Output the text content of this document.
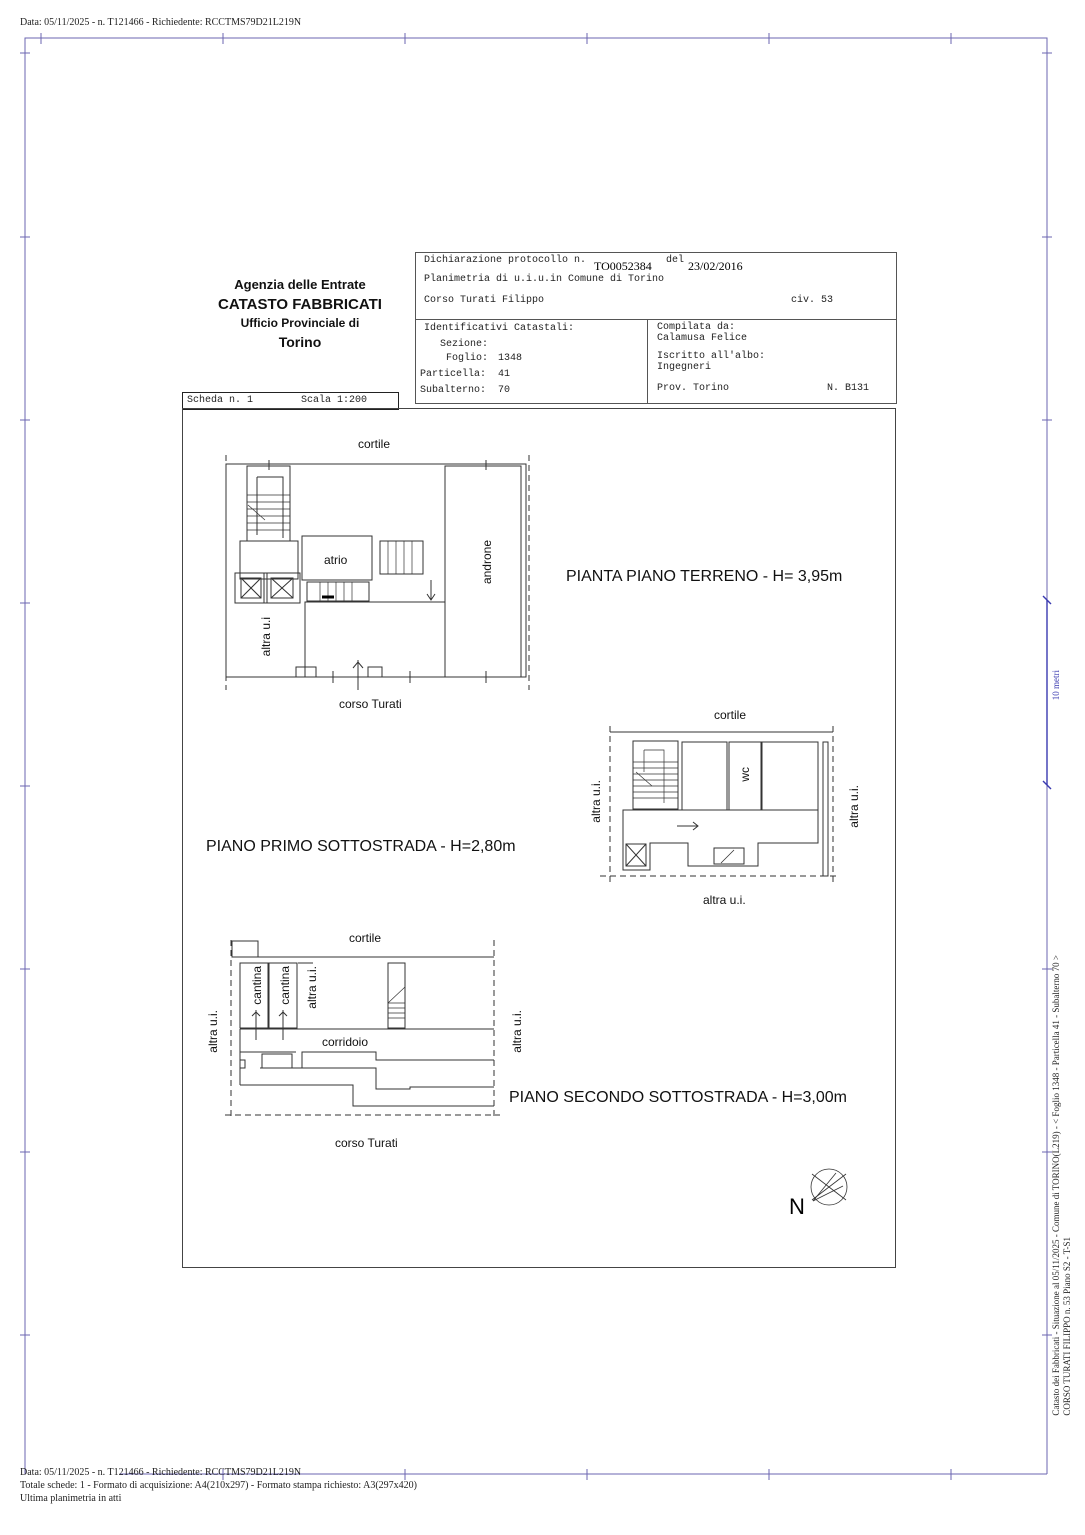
Data: 05/11/2025 - n. T121466 - Richiedente: RCCTMS79D21L219N
10 metri
Agenzia delle Entrate
CATASTO FABBRICATI
Ufficio Provinciale di
Torino
Dichiarazione protocollo n. TO0052384 del 23/02/2016
Planimetria di u.i.u.in Comune di Torino
Corso Turati Filippo	civ. 53
Identificativi Catastali:
Sezione:
Foglio: 1348
Particella: 41
Subalterno: 70
Compilata da:
Calamusa Felice
Iscritto all'albo:
Ingegneri
Prov. Torino	N. B131
Scheda n. 1	Scala 1:200
cortile
atrio	androne
altra u.i
corso Turati
PIANTA PIANO TERRENO - H= 3,95m
cortile
wc
altra u.i.	altra u.i.
altra u.i.
PIANO PRIMO SOTTOSTRADA - H=2,80m
cortile
cantina cantina altra u.i.
altra u.i.	altra u.i.
corridoio
corso Turati
PIANO SECONDO SOTTOSTRADA - H=3,00m
N	Catasto dei Fabbricati - Situazione al 05/11/2025 - Comune di TORINO(L219) - < Foglio 1348 - Particella 41 - Subalterno 70 > CORSO TURATI FILIPPO n. 53 Piano S2 - T-S1
Data: 05/11/2025 - n. T121466 - Richiedente: RCCTMS79D21L219N
Totale schede: 1 - Formato di acquisizione: A4(210x297) - Formato stampa richiesto: A3(297x420)
Ultima planimetria in atti
